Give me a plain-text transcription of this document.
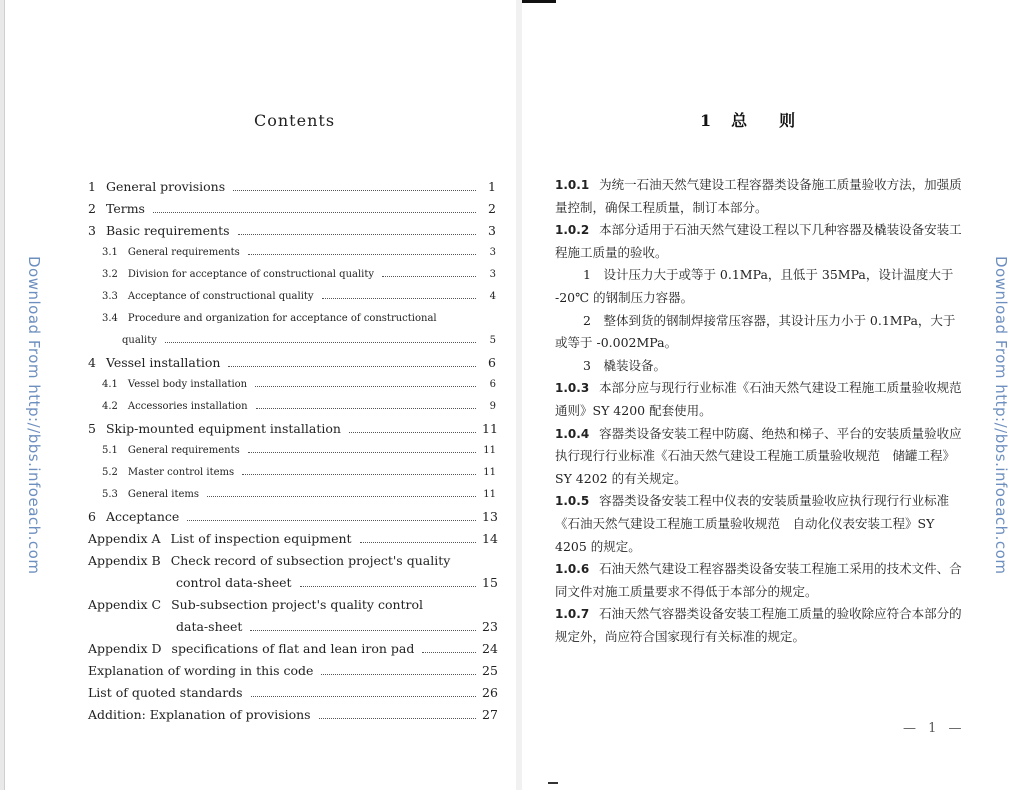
Download From http://bbs.infoeach.com	Download From http://bbs.infoeach.com
Contents
1 General provisions	1
2 Terms	2
3 Basic requirements	3
3.1 General requirements	3
3.2 Division for acceptance of constructional quality	3
3.3 Acceptance of constructional quality	4
3.4 Procedure and organization for acceptance of constructional
quality	5
4 Vessel installation	6
4.1 Vessel body installation	6
4.2 Accessories installation	9
5 Skip-mounted equipment installation	11
5.1 General requirements	11
5.2 Master control items	11
5.3 General items	11
6 Acceptance	13
Appendix A List of inspection equipment	14
Appendix B Check record of subsection project's quality
control data-sheet	15
Appendix C Sub-subsection project's quality control
data-sheet	23
Appendix D specifications of flat and lean iron pad	24
Explanation of wording in this code	25
List of quoted standards	26
Addition: Explanation of provisions	27
1 总　　则

1.0.1 为统一石油天然气建设工程容器类设备施工质量验收方法，加强质量控制，确保工程质量，制订本部分。

1.0.2 本部分适用于石油天然气建设工程以下几种容器及橇装设备安装工程施工质量的验收。

1　设计压力大于或等于 0.1MPa，且低于 35MPa，设计温度大于 -20℃ 的钢制压力容器。

2　整体到货的钢制焊接常压容器，其设计压力小于 0.1MPa，大于或等于 -0.002MPa。

3　橇装设备。

1.0.3 本部分应与现行行业标准《石油天然气建设工程施工质量验收规范　通则》SY 4200 配套使用。

1.0.4 容器类设备安装工程中防腐、绝热和梯子、平台的安装质量验收应执行现行行业标准《石油天然气建设工程施工质量验收规范　储罐工程》SY 4202 的有关规定。

1.0.5 容器类设备安装工程中仪表的安装质量验收应执行现行行业标准《石油天然气建设工程施工质量验收规范　自动化仪表安装工程》SY 4205 的规定。

1.0.6 石油天然气建设工程容器类设备安装工程施工采用的技术文件、合同文件对施工质量要求不得低于本部分的规定。

1.0.7 石油天然气容器类设备安装工程施工质量的验收除应符合本部分的规定外，尚应符合国家现行有关标准的规定。

— 1 —
